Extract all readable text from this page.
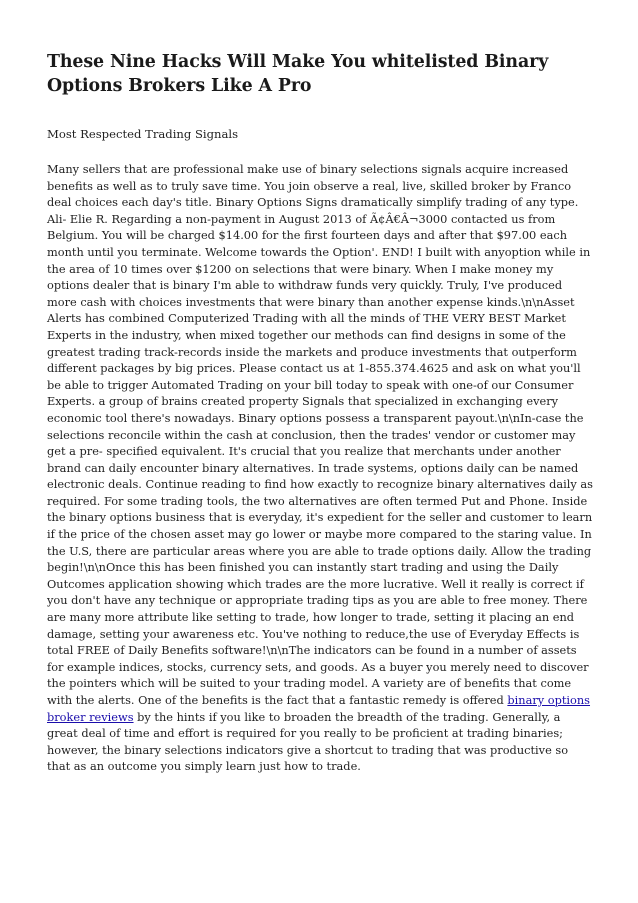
These Nine Hacks Will Make You whitelisted Binary Options Brokers Like A Pro

Most Respected Trading Signals

Many sellers that are professional make use of binary selections signals acquire increased benefits as well as to truly save time. You join observe a real, live, skilled broker by Franco deal choices each day's title. Binary Options Signs dramatically simplify trading of any type. Ali- Elie R. Regarding a non-payment in August 2013 of Ã¢Â€Â¬3000 contacted us from Belgium. You will be charged $14.00 for the first fourteen days and after that $97.00 each month until you terminate. Welcome towards the Option'. END! I built with anyoption while in the area of 10 times over $1200 on selections that were binary. When I make money my options dealer that is binary I'm able to withdraw funds very quickly. Truly, I've produced more cash with choices investments that were binary than another expense kinds.\n\nAsset Alerts has combined Computerized Trading with all the minds of THE VERY BEST Market Experts in the industry, when mixed together our methods can find designs in some of the greatest trading track-records inside the markets and produce investments that outperform different packages by big prices. Please contact us at 1-855.374.4625 and ask on what you'll be able to trigger Automated Trading on your bill today to speak with one-of our Consumer Experts. a group of brains created property Signals that specialized in exchanging every economic tool there's nowadays. Binary options possess a transparent payout.\n\nIn-case the selections reconcile within the cash at conclusion, then the trades' vendor or customer may get a pre- specified equivalent. It's crucial that you realize that merchants under another brand can daily encounter binary alternatives. In trade systems, options daily can be named electronic deals. Continue reading to find how exactly to recognize binary alternatives daily as required. For some trading tools, the two alternatives are often termed Put and Phone. Inside the binary options business that is everyday, it's expedient for the seller and customer to learn if the price of the chosen asset may go lower or maybe more compared to the staring value. In the U.S, there are particular areas where you are able to trade options daily. Allow the trading begin!\n\nOnce this has been finished you can instantly start trading and using the Daily Outcomes application showing which trades are the more lucrative. Well it really is correct if you don't have any technique or appropriate trading tips as you are able to free money. There are many more attribute like setting to trade, how longer to trade, setting it placing an end damage, setting your awareness etc. You've nothing to reduce,the use of Everyday Effects is total FREE of Daily Benefits software!\n\nThe indicators can be found in a number of assets for example indices, stocks, currency sets, and goods. As a buyer you merely need to discover the pointers which will be suited to your trading model. A variety are of benefits that come with the alerts. One of the benefits is the fact that a fantastic remedy is offered binary options broker reviews by the hints if you like to broaden the breadth of the trading. Generally, a great deal of time and effort is required for you really to be proficient at trading binaries; however, the binary selections indicators give a shortcut to trading that was productive so that as an outcome you simply learn just how to trade.
